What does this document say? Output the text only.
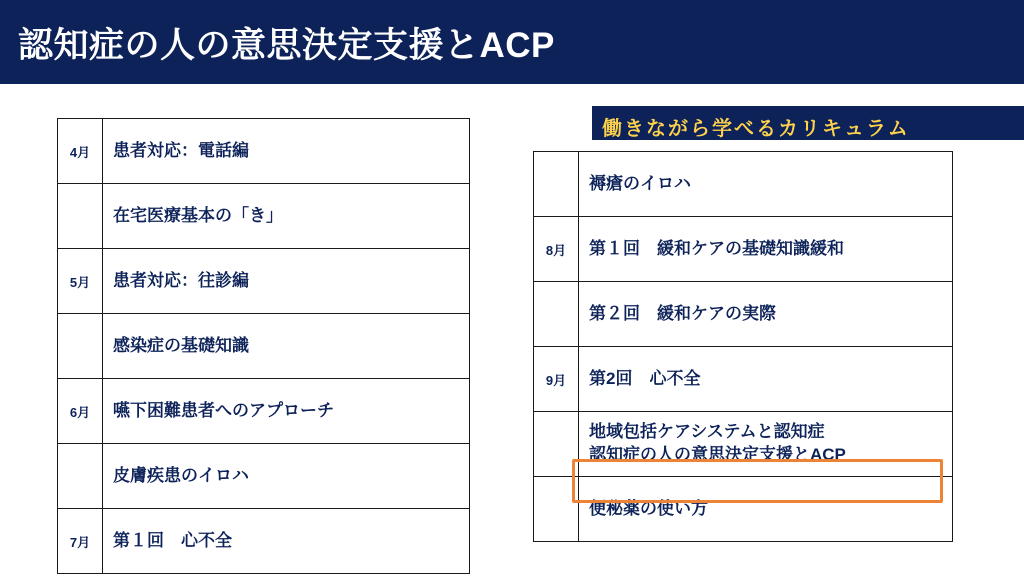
認知症の人の意思決定支援とACP
働きながら学べるカリキュラム
4月	患者対応：電話編
	在宅医療基本の「き」
5月	患者対応：往診編
	感染症の基礎知識
6月	嚥下困難患者へのアプローチ
	皮膚疾患のイロハ
7月	第１回　心不全
	褥瘡のイロハ
8月	第１回　緩和ケアの基礎知識緩和
	第２回　緩和ケアの実際
9月	第2回　心不全

	地域包括ケアシステムと認知症
認知症の人の意思決定支援とACP

	便秘薬の使い方
